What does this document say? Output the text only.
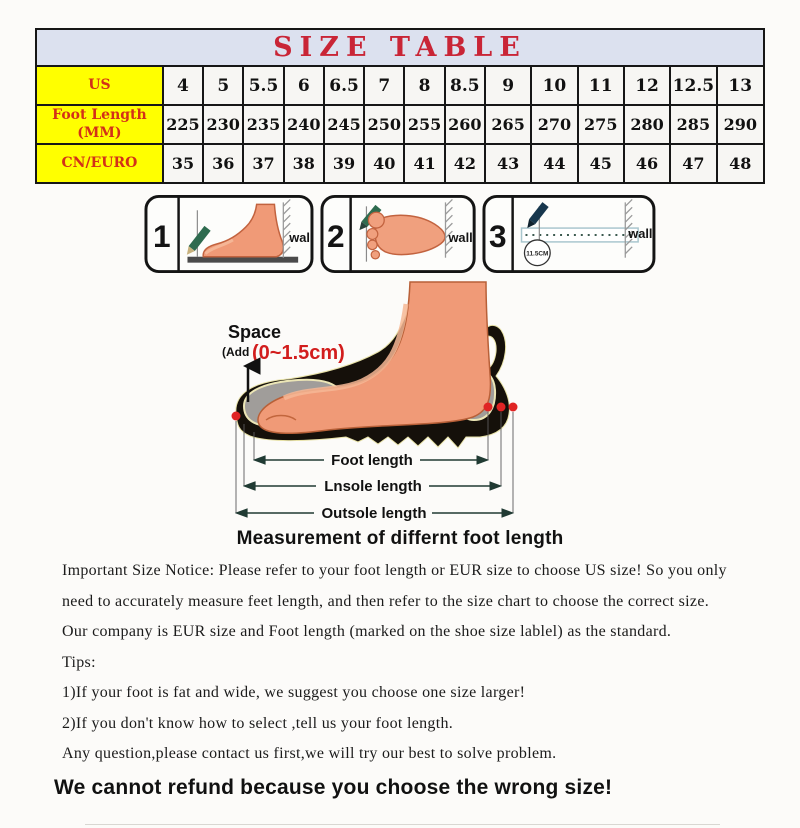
SIZE TABLE														
US	4	5	5.5	6	6.5	7	8	8.5	9	10	11	12	12.5	13
Foot Length
(MM)	225	230	235	240	245	250	255	260	265	270	275	280	285	290
CN/EURO	35	36	37	38	39	40	41	42	43	44	45	46	47	48
1	wall 2	wall 3
11.5CM
wall
Space
(Add (0~1.5cm)
Foot length
Lnsole length
Outsole length
Measurement of differnt foot length
Important Size Notice: Please refer to your foot length or EUR size to choose US size! So you only
need to accurately measure feet length, and then refer to the size chart to choose the correct size.
Our company is EUR size and Foot length (marked on the shoe size lablel) as the standard.
Tips:
1)If your foot is fat and wide, we suggest you choose one size larger!
2)If you don't know how to select ,tell us your foot length.
Any question,please contact us first,we will try our best to solve problem.
We cannot refund because you choose the wrong size!
